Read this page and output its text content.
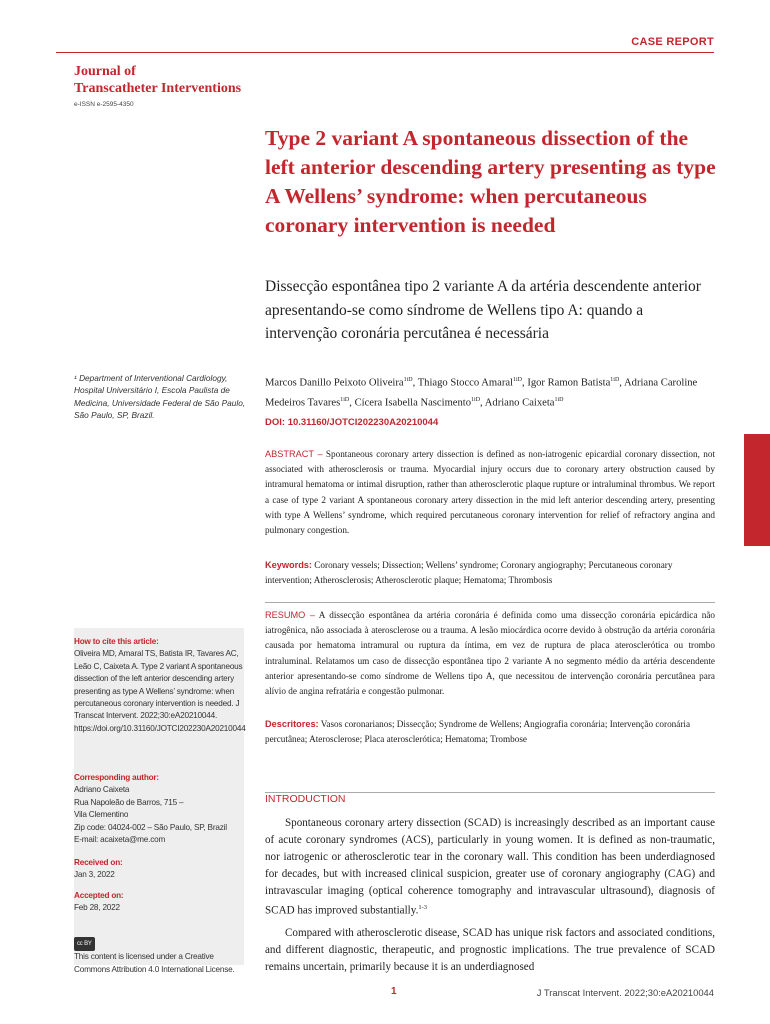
CASE REPORT
Journal of
Transcatheter Interventions
e-ISSN e-2595-4350
Type 2 variant A spontaneous dissection of the left anterior descending artery presenting as type A Wellens’ syndrome: when percutaneous coronary intervention is needed

Dissecção espontânea tipo 2 variante A da artéria descendente anterior apresentando-se como síndrome de Wellens tipo A: quando a intervenção coronária percutânea é necessária

¹ Department of Interventional Cardiology, Hospital Universitário I, Escola Paulista de Medicina, Universidade Federal de São Paulo, São Paulo, SP, Brazil.
Marcos Danillo Peixoto Oliveira$^{1iD}$, Thiago Stocco Amaral$^{1iD}$, Igor Ramon Batista$^{1iD}$, Adriana Caroline Medeiros Tavares$^{1iD}$, Cícera Isabella Nascimento$^{1iD}$, Adriano Caixeta$^{1iD}$
DOI: 10.31160/JOTCI202230A20210044

ABSTRACT – Spontaneous coronary artery dissection is defined as non-iatrogenic epicardial coronary dissection, not associated with atherosclerosis or trauma. Myocardial injury occurs due to coronary artery obstruction caused by intramural hematoma or intimal disruption, rather than atherosclerotic plaque rupture or intraluminal thrombus. We report a case of type 2 variant A spontaneous coronary artery dissection in the mid left anterior descending artery, presenting with type A Wellens’ syndrome, which required percutaneous coronary intervention for relief of refractory angina and pulmonary congestion.

Keywords: Coronary vessels; Dissection; Wellens’ syndrome; Coronary angiography; Percutaneous coronary intervention; Atherosclerosis; Atherosclerotic plaque; Hematoma; Thrombosis

RESUMO – A dissecção espontânea da artéria coronária é definida como uma dissecção coronária epicárdica não iatrogênica, não associada à aterosclerose ou a trauma. A lesão miocárdica ocorre devido à obstrução da artéria coronária causada por hematoma intramural ou ruptura da íntima, em vez de ruptura de placa aterosclerótica ou trombo intraluminal. Relatamos um caso de dissecção espontânea tipo 2 variante A no segmento médio da artéria descendente anterior apresentando-se como síndrome de Wellens tipo A, que necessitou de intervenção coronária percutânea para alívio de angina refratária e congestão pulmonar.

Descritores: Vasos coronarianos; Dissecção; Syndrome de Wellens; Angiografia coronária; Intervenção coronária percutânea; Aterosclerose; Placa aterosclerótica; Hematoma; Trombose

How to cite this article:
Oliveira MD, Amaral TS, Batista IR, Tavares AC, Leão C, Caixeta A. Type 2 variant A spontaneous dissection of the left anterior descending artery presenting as type A Wellens’ syndrome: when percutaneous coronary intervention is needed. J Transcat Intervent. 2022;30:eA20210044. https://doi.org/10.31160/JOTCI202230A20210044
Corresponding author:
Adriano Caixeta
Rua Napoleão de Barros, 715 –
Vila Clementino
Zip code: 04024-002 – São Paulo, SP, Brazil
E-mail: acaixeta@me.com
Received on:
Jan 3, 2022
Accepted on:
Feb 28, 2022
cc BY
This content is licensed under a Creative Commons Attribution 4.0 International License.
INTRODUCTION

Spontaneous coronary artery dissection (SCAD) is increasingly described as an important cause of acute coronary syndromes (ACS), particularly in young women. It is defined as non-traumatic, nor iatrogenic or atherosclerotic tear in the coronary wall. This condition has been underdiagnosed for decades, but with increased clinical suspicion, greater use of coronary angiography (CAG) and intravascular imaging (optical coherence tomography and intravascular ultrasound), diagnosis of SCAD has improved substantially.$^{1-3}$

Compared with atherosclerotic disease, SCAD has unique risk factors and associated conditions, and different diagnostic, therapeutic, and prognostic implications. The true prevalence of SCAD remains uncertain, primarily because it is an underdiagnosed

1	J Transcat Intervent. 2022;30:eA20210044
